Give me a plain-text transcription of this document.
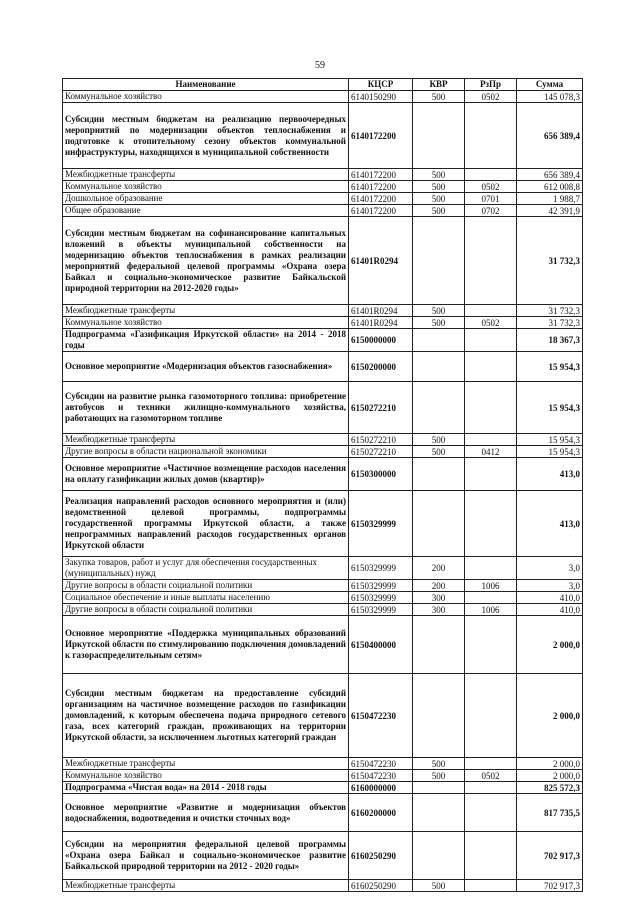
59
Наименование	КЦСР	КВР	РзПр	Сумма
Коммунальное хозяйство	6140150290	500	0502	145 078,3
Субсидии местным бюджетам на реализацию первоочередных мероприятий по модернизации объектов теплоснабжения и подготовке к отопительному сезону объектов коммунальной инфраструктуры, находящихся в муниципальной собственности	6140172200			656 389,4
Межбюджетные трансферты	6140172200	500		656 389,4
Коммунальное хозяйство	6140172200	500	0502	612 008,8
Дошкольное образование	6140172200	500	0701	1 988,7
Общее образование	6140172200	500	0702	42 391,9
Субсидии местным бюджетам на софинансирование капитальных вложений в объекты муниципальной собственности на модернизацию объектов теплоснабжения в рамках реализации мероприятий федеральной целевой программы «Охрана озера Байкал и социально-экономическое развитие Байкальской природной территории на 2012-2020 годы»	61401R0294			31 732,3
Межбюджетные трансферты	61401R0294	500		31 732,3
Коммунальное хозяйство	61401R0294	500	0502	31 732,3
Подпрограмма «Газификация Иркутской области» на 2014 - 2018 годы	6150000000			18 367,3
Основное мероприятие «Модернизация объектов газоснабжения»	6150200000			15 954,3
Субсидии на развитие рынка газомоторного топлива: приобретение автобусов и техники жилищно-коммунального хозяйства, работающих на газомоторном топливе	6150272210			15 954,3
Межбюджетные трансферты	6150272210	500		15 954,3
Другие вопросы в области национальной экономики	6150272210	500	0412	15 954,3
Основное мероприятие «Частичное возмещение расходов населения на оплату газификации жилых домов (квартир)»	6150300000			413,0
Реализация направлений расходов основного мероприятия и (или) ведомственной целевой программы, подпрограммы государственной программы Иркутской области, а также непрограммных направлений расходов государственных органов Иркутской области	6150329999			413,0
Закупка товаров, работ и услуг для обеспечения государственных (муниципальных) нужд	6150329999	200		3,0
Другие вопросы в области социальной политики	6150329999	200	1006	3,0
Социальное обеспечение и иные выплаты населению	6150329999	300		410,0
Другие вопросы в области социальной политики	6150329999	300	1006	410,0
Основное мероприятие «Поддержка муниципальных образований Иркутской области по стимулированию подключения домовладений к газораспределительным сетям»	6150400000			2 000,0
Субсидии местным бюджетам на предоставление субсидий организациям на частичное возмещение расходов по газификации домовладений, к которым обеспечена подача природного сетевого газа, всех категорий граждан, проживающих на территории Иркутской области, за исключением льготных категорий граждан	6150472230			2 000,0
Межбюджетные трансферты	6150472230	500		2 000,0
Коммунальное хозяйство	6150472230	500	0502	2 000,0
Подпрограмма «Чистая вода» на 2014 - 2018 годы	6160000000			825 572,3
Основное мероприятие «Развитие и модернизация объектов водоснабжения, водоотведения и очистки сточных вод»	6160200000			817 735,5
Субсидии на мероприятия федеральной целевой программы «Охрана озера Байкал и социально-экономическое развитие Байкальской природной территории на 2012 - 2020 годы»	6160250290			702 917,3
Межбюджетные трансферты	6160250290	500		702 917,3
